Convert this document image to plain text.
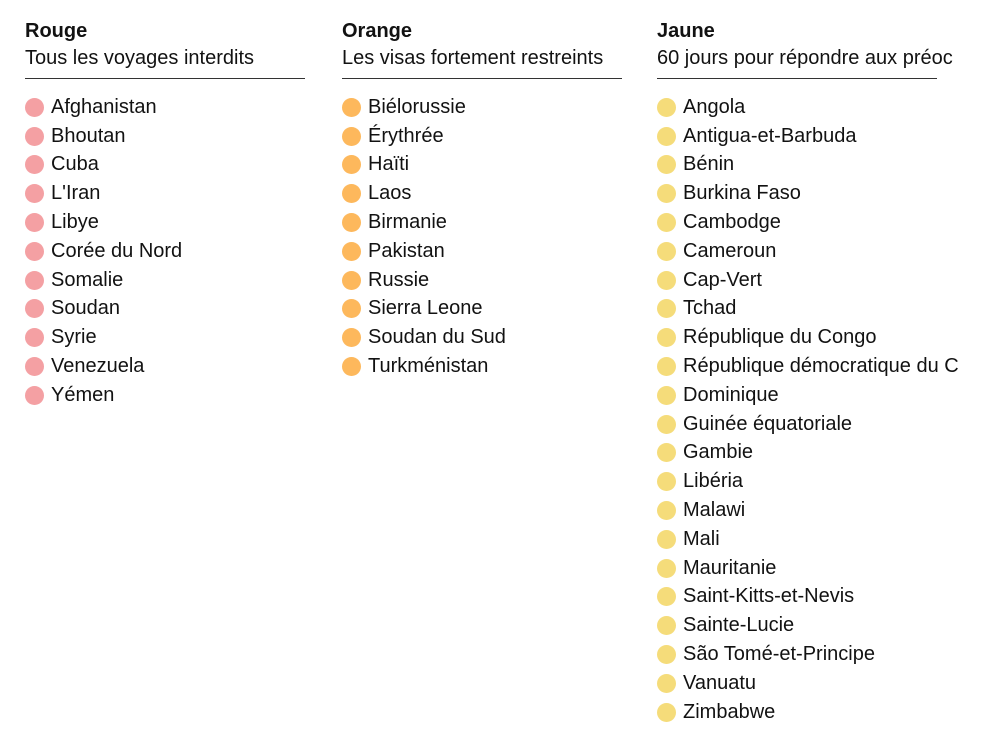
Rouge
Tous les voyages interdits
Afghanistan
Bhoutan
Cuba
L'Iran
Libye
Corée du Nord
Somalie
Soudan
Syrie
Venezuela
Yémen
Orange
Les visas fortement restreints
Biélorussie
Érythrée
Haïti
Laos
Birmanie
Pakistan
Russie
Sierra Leone
Soudan du Sud
Turkménistan
Jaune
60 jours pour répondre aux préoc
Angola
Antigua-et-Barbuda
Bénin
Burkina Faso
Cambodge
Cameroun
Cap-Vert
Tchad
République du Congo
République démocratique du C
Dominique
Guinée équatoriale
Gambie
Libéria
Malawi
Mali
Mauritanie
Saint-Kitts-et-Nevis
Sainte-Lucie
São Tomé-et-Principe
Vanuatu
Zimbabwe
